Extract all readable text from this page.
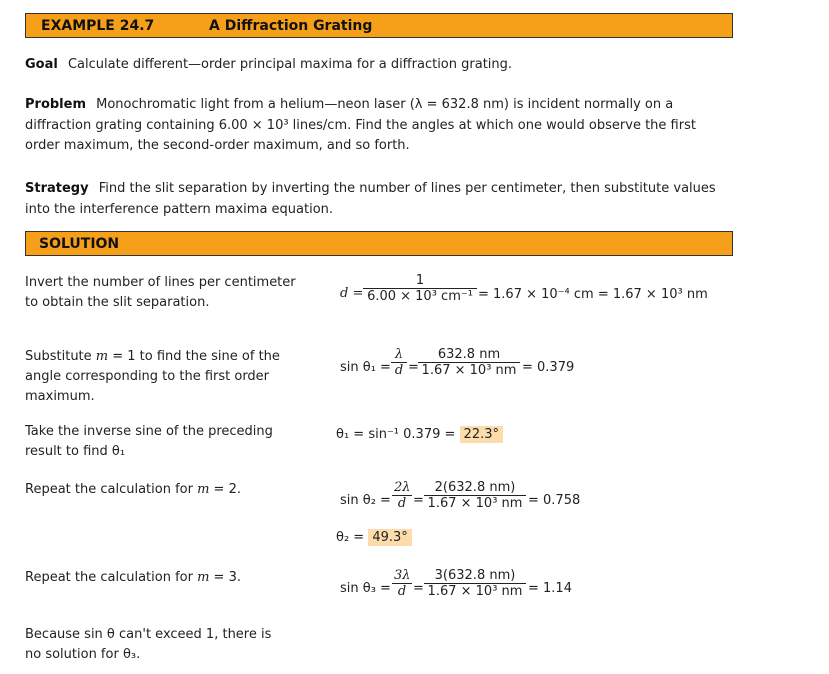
EXAMPLE 24.7	A Diffraction Grating
Goal Calculate different—order principal maxima for a diffraction grating.
Problem Monochromatic light from a helium—neon laser (λ = 632.8 nm) is incident normally on a diffraction grating containing 6.00 × 10³ lines/cm. Find the angles at which one would observe the first order maximum, the second-order maximum, and so forth.
Strategy Find the slit separation by inverting the number of lines per centimeter, then substitute values into the interference pattern maxima equation.
SOLUTION
Invert the number of lines per centimeter to obtain the slit separation.
$d = \frac{1}{\text{6.00 × 10³ cm⁻¹}} = 1.67 \times 10^{-4}$ cm = 1.67 × 10³ nm
Substitute m = 1 to find the sine of the angle corresponding to the first order maximum.
$\sin \theta_1 = \frac{\lambda}{d} = \frac{632.8 nm}{\text{1.67 × 10³ nm}} = 0.379$
Take the inverse sine of the preceding result to find θ₁
θ₁ = sin⁻¹ 0.379 = 22.3°
Repeat the calculation for m = 2.
$\sin \theta_2 = \frac{2\lambda}{d} = \frac{2(632.8 nm)}{\text{1.67 × 10³ nm}} = 0.758$
θ₂ = 49.3°
Repeat the calculation for m = 3.
$\sin \theta_3 = \frac{3\lambda}{d} = \frac{3(632.8 nm)}{\text{1.67 × 10³ nm}} = 1.14$
Because sin θ can't exceed 1, there is no solution for θ₃.
